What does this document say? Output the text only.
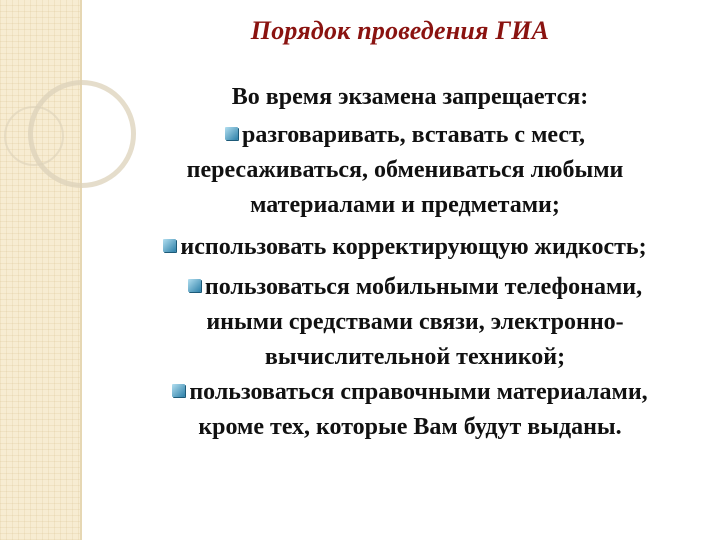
Порядок проведения ГИА
Во время экзамена запрещается:
разговаривать, вставать с мест,
пересаживаться, обмениваться любыми
материалами и предметами;
использовать корректирующую жидкость;
пользоваться мобильными телефонами,
иными средствами связи, электронно-
вычислительной техникой;
пользоваться справочными материалами,
кроме тех, которые Вам будут выданы.
